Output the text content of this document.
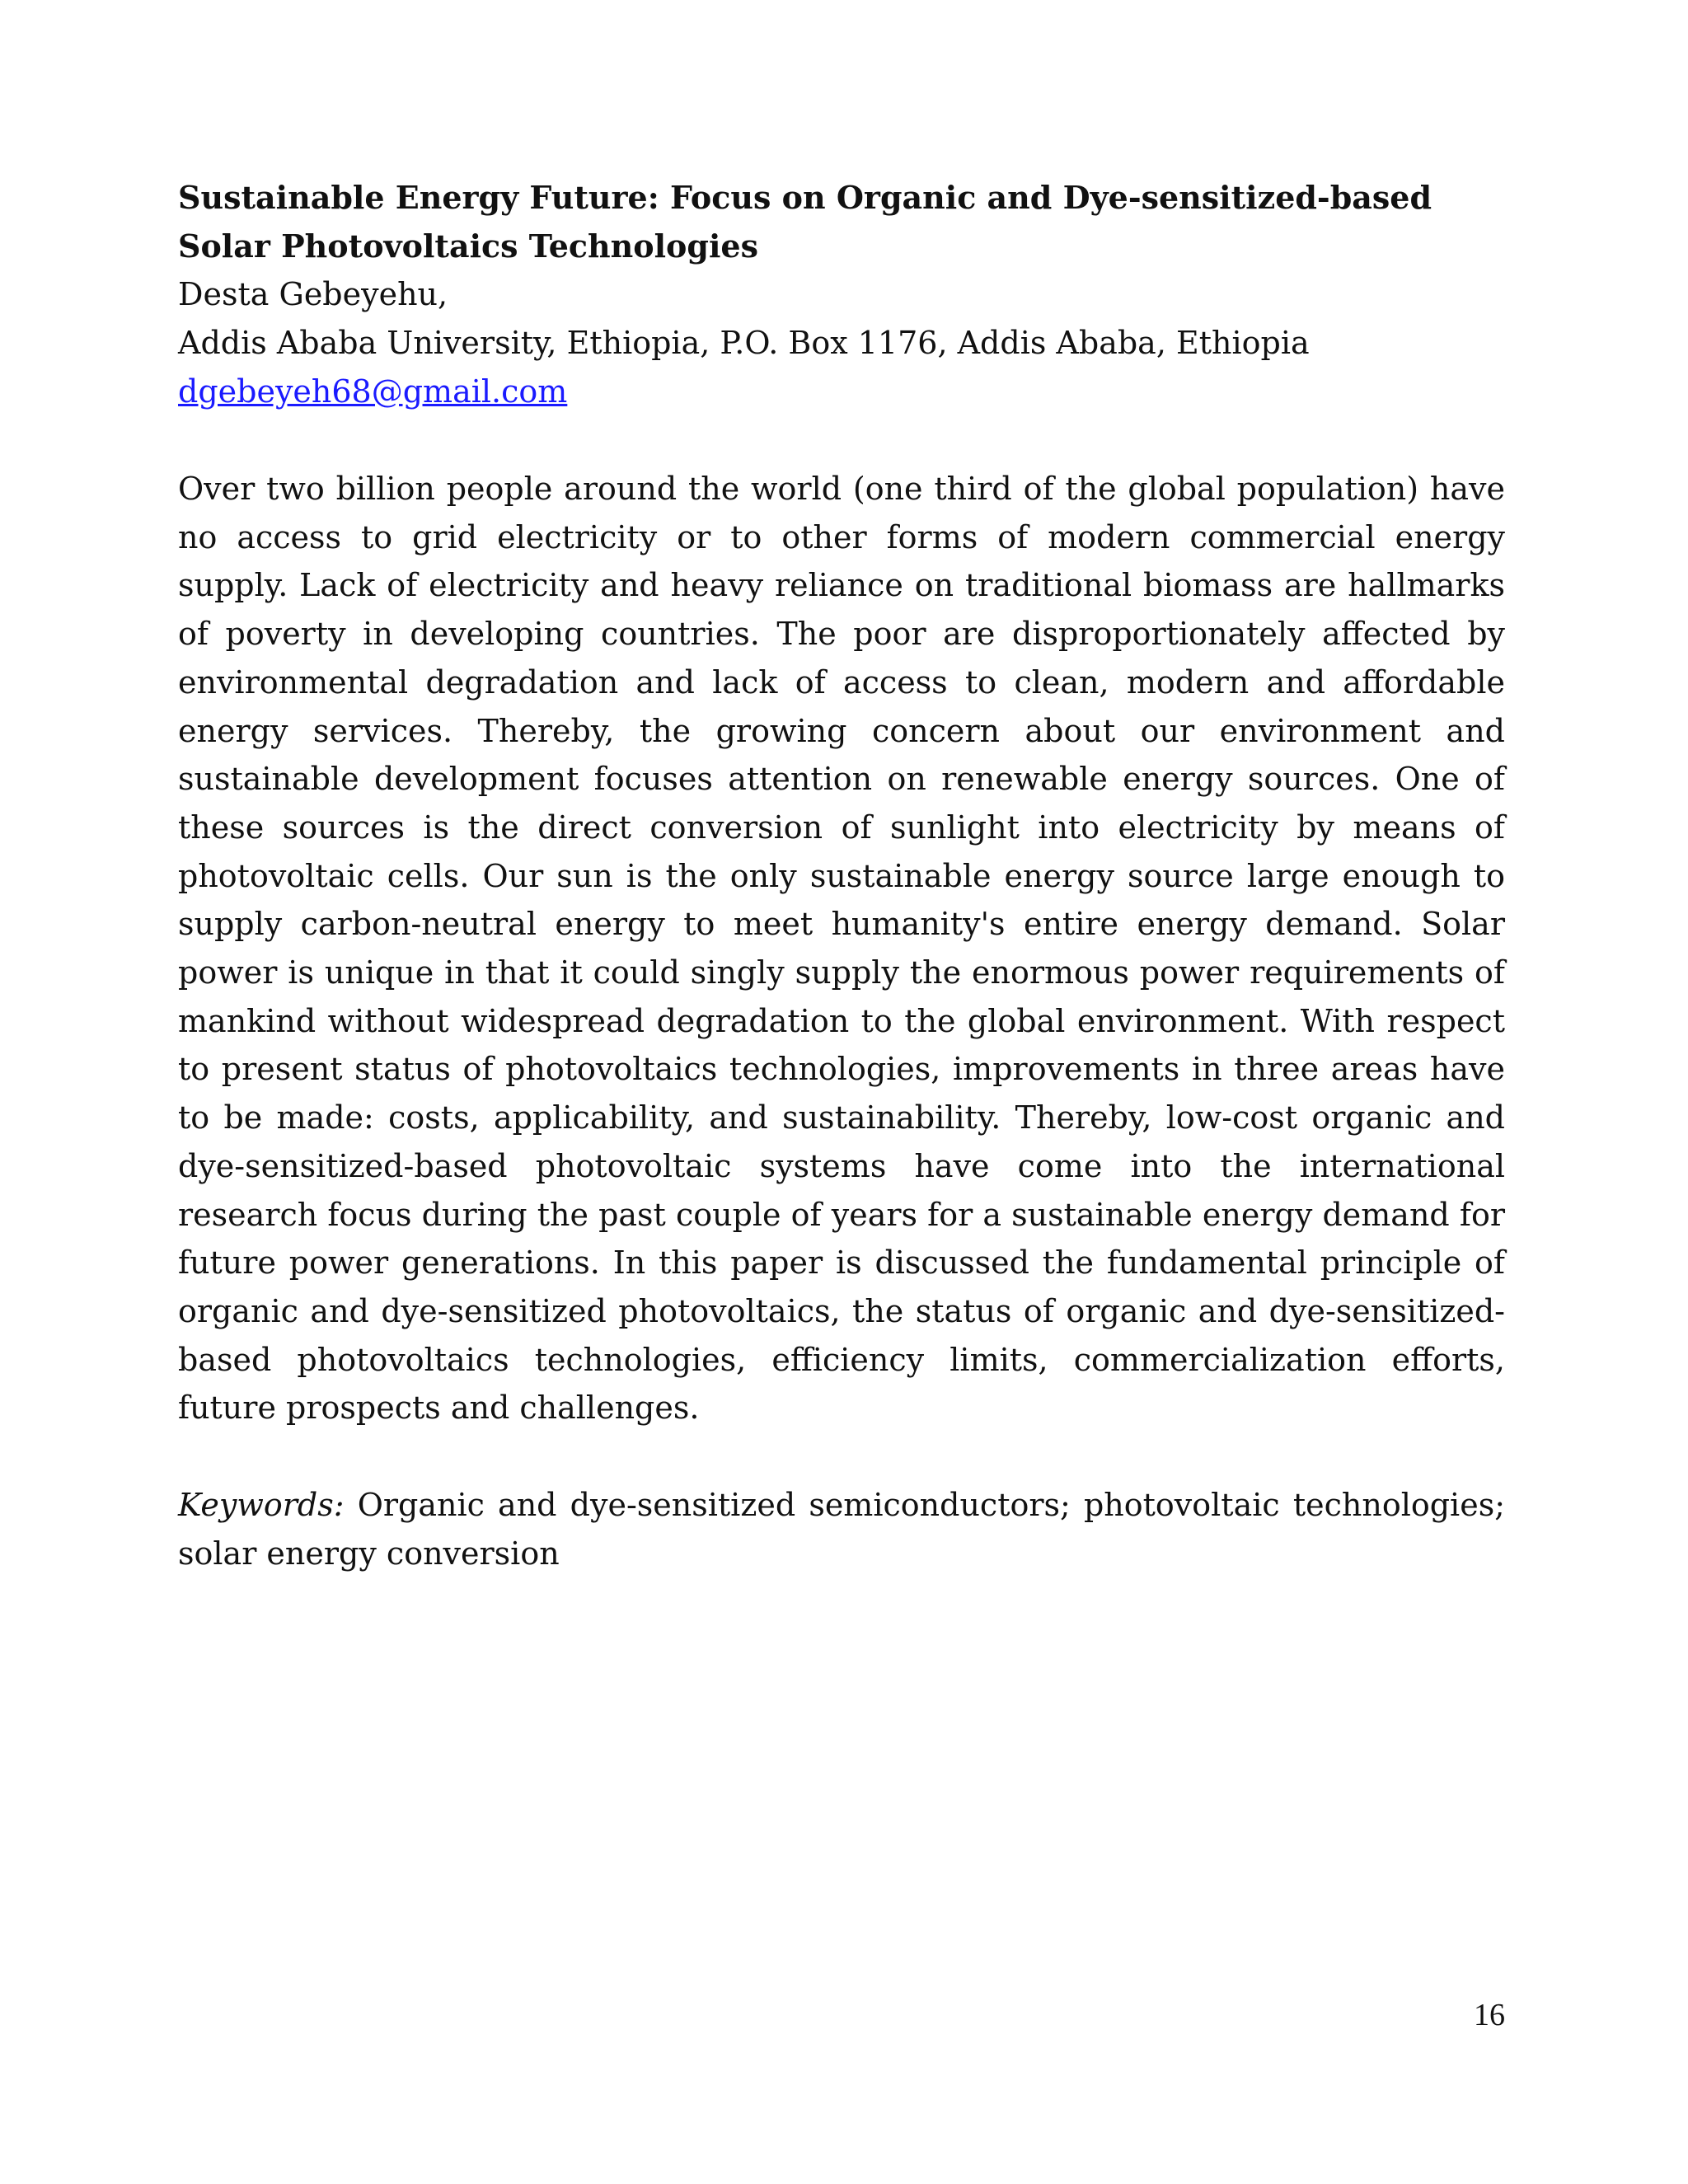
Sustainable Energy Future: Focus on Organic and Dye-sensitized-based Solar Photovoltaics Technologies
Desta Gebeyehu,
Addis Ababa University, Ethiopia, P.O. Box 1176, Addis Ababa, Ethiopia
dgebeyeh68@gmail.com

Over two billion people around the world (one third of the global population) have no access to grid electricity or to other forms of modern commercial energy supply. Lack of electricity and heavy reliance on traditional biomass are hallmarks of poverty in developing countries. The poor are disproportionately affected by environmental degradation and lack of access to clean, modern and affordable energy services. Thereby, the growing concern about our environment and sustainable development focuses attention on renewable energy sources. One of these sources is the direct conversion of sunlight into electricity by means of photovoltaic cells. Our sun is the only sustainable energy source large enough to supply carbon-neutral energy to meet humanity's entire energy demand. Solar power is unique in that it could singly supply the enormous power requirements of mankind without widespread degradation to the global environment. With respect to present status of photovoltaics technologies, improvements in three areas have to be made: costs, applicability, and sustainability. Thereby, low-cost organic and dye-sensitized-based photovoltaic systems have come into the international research focus during the past couple of years for a sustainable energy demand for future power generations. In this paper is discussed the fundamental principle of organic and dye-sensitized photovoltaics, the status of organic and dye-sensitized-based photovoltaics technologies, efficiency limits, commercialization efforts, future prospects and challenges.

Keywords: Organic and dye-sensitized semiconductors; photovoltaic technologies; solar energy conversion

16
